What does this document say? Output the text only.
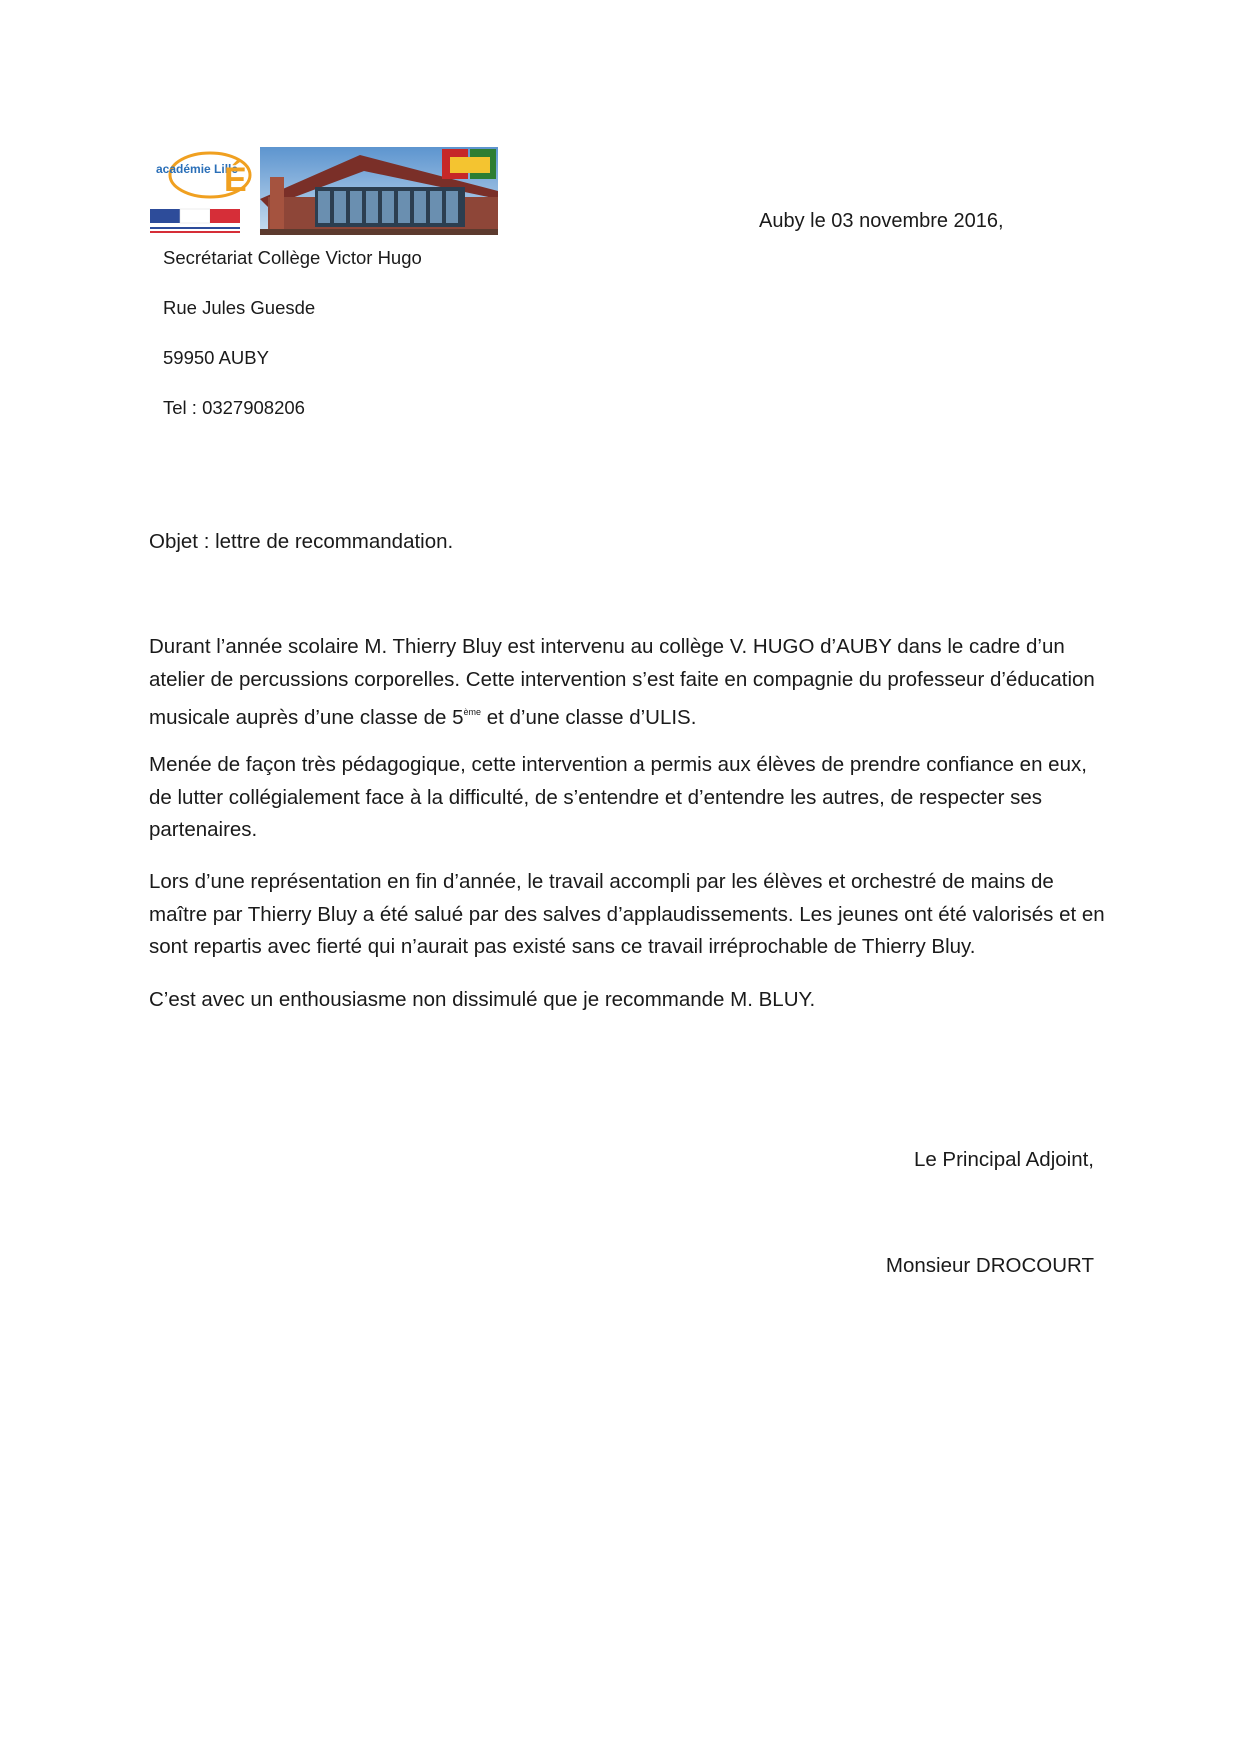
académie Lille
É
Auby le 03 novembre 2016,
Secrétariat Collège Victor Hugo
Rue Jules Guesde
59950 AUBY
Tel : 0327908206
Objet : lettre de recommandation.

Durant l’année scolaire M. Thierry Bluy est intervenu au collège V. HUGO d’AUBY dans le cadre d’un atelier de percussions corporelles. Cette intervention s’est faite en compagnie du professeur d’éducation musicale auprès d’une classe de 5ème et d’une classe d’ULIS.

Menée de façon très pédagogique, cette intervention a permis aux élèves de prendre confiance en eux, de lutter collégialement face à la difficulté, de s’entendre et d’entendre les autres, de respecter ses partenaires.

Lors d’une représentation en fin d’année, le travail accompli par les élèves et orchestré de mains de maître par Thierry Bluy a été salué par des salves d’applaudissements. Les jeunes ont été valorisés et en sont repartis avec fierté qui n’aurait pas existé sans ce travail irréprochable de Thierry Bluy.

C’est avec un enthousiasme non dissimulé que je recommande M. BLUY.

Le Principal Adjoint,
Monsieur DROCOURT
